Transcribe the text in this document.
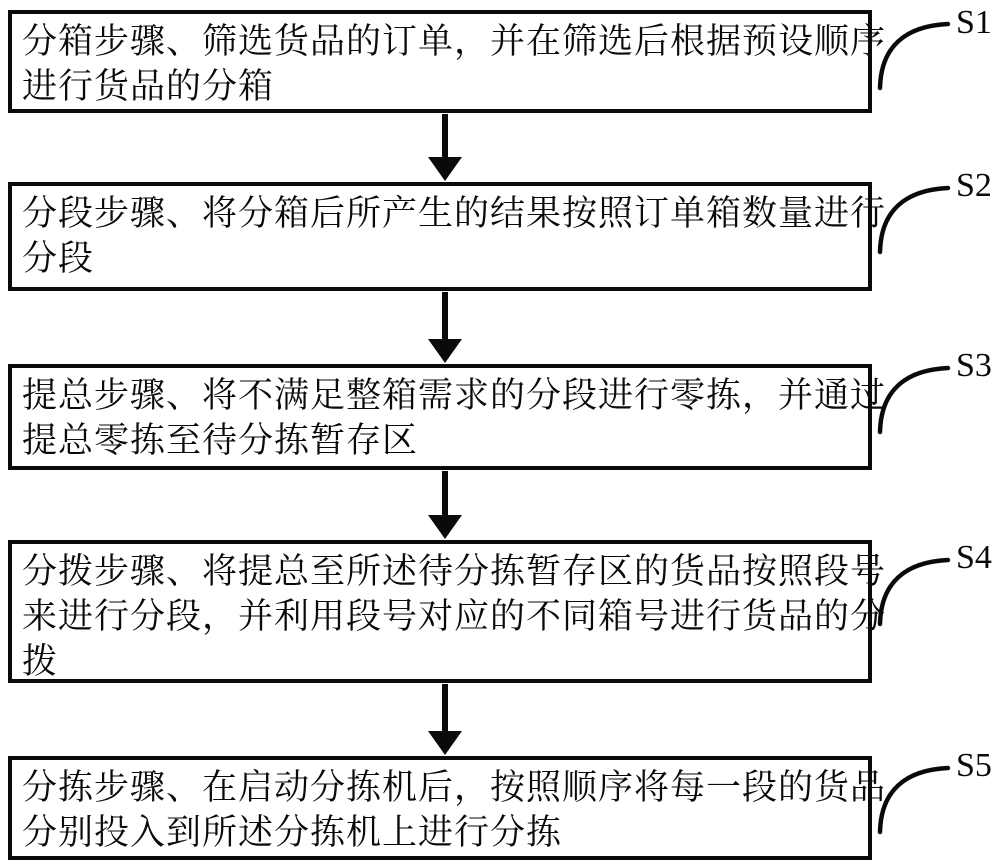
分箱步骤、筛选货品的订单，并在筛选后根据预设顺序
进行货品的分箱
分段步骤、将分箱后所产生的结果按照订单箱数量进行
分段
提总步骤、将不满足整箱需求的分段进行零拣，并通过
提总零拣至待分拣暂存区
分拨步骤、将提总至所述待分拣暂存区的货品按照段号
来进行分段，并利用段号对应的不同箱号进行货品的分
拨
分拣步骤、在启动分拣机后，按照顺序将每一段的货品
分别投入到所述分拣机上进行分拣
S1
S2
S3
S4
S5
